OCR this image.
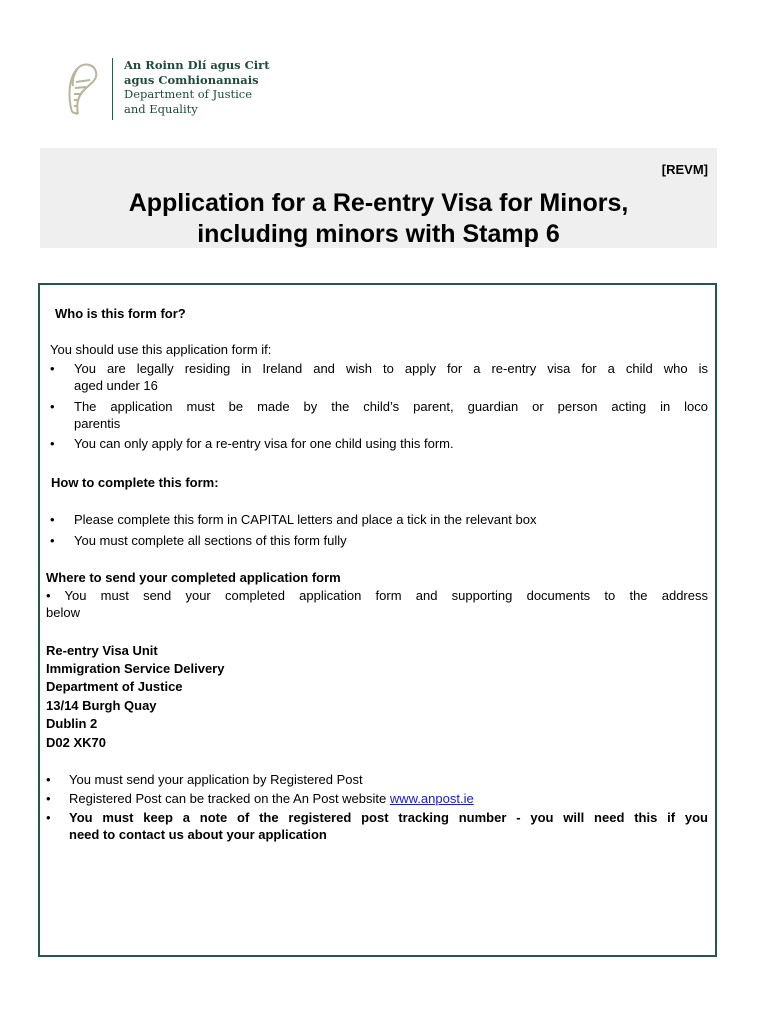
An Roinn Dlí agus Cirt
agus Comhionannais
Department of Justice
and Equality
[REVM]
Application for a Re-entry Visa for Minors,
including minors with Stamp 6
Who is this form for?
You should use this application form if:
• You are legally residing in Ireland and wish to apply for a re-entry visa for a child who is
aged under 16
• The application must be made by the child’s parent, guardian or person acting in loco
parentis
• You can only apply for a re-entry visa for one child using this form.
How to complete this form:
• Please complete this form in CAPITAL letters and place a tick in the relevant box
• You must complete all sections of this form fully
Where to send your completed application form
• You must send your completed application form and supporting documents to the address
below
Re-entry Visa Unit
Immigration Service Delivery
Department of Justice
13/14 Burgh Quay
Dublin 2
D02 XK70
• You must send your application by Registered Post
• Registered Post can be tracked on the An Post website www.anpost.ie
• You must keep a note of the registered post tracking number - you will need this if you
need to contact us about your application
